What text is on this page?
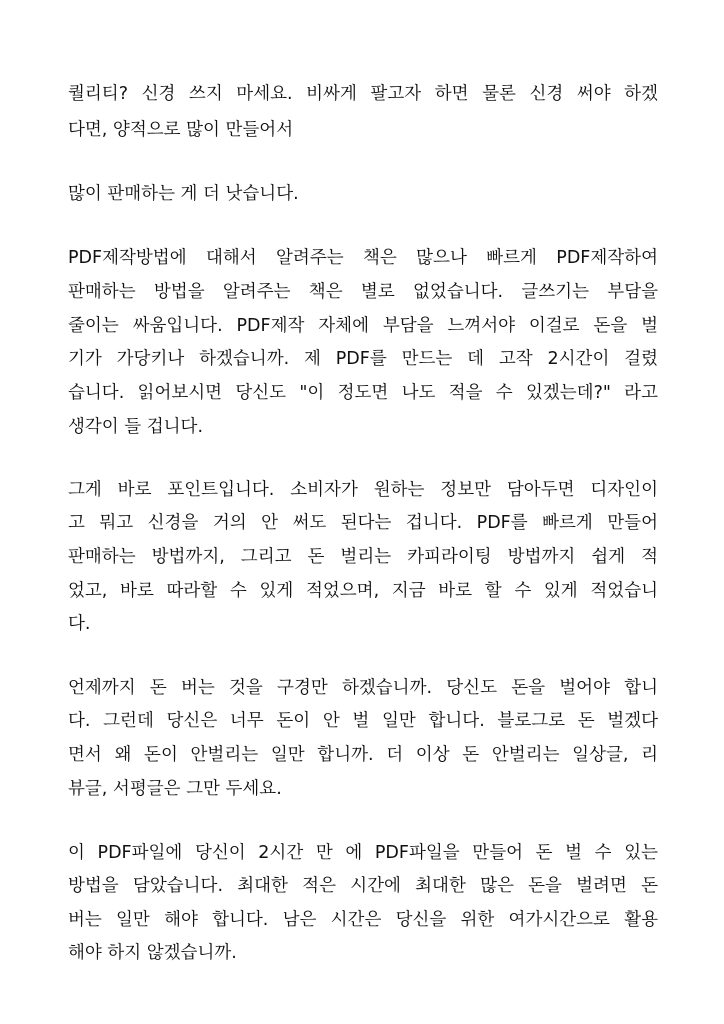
퀄리티? 신경 쓰지 마세요. 비싸게 팔고자 하면 물론 신경 써야 하겠
다면, 양적으로 많이 만들어서
많이 판매하는 게 더 낫습니다.
PDF제작방법에 대해서 알려주는 책은 많으나 빠르게 PDF제작하여
판매하는 방법을 알려주는 책은 별로 없었습니다. 글쓰기는 부담을
줄이는 싸움입니다. PDF제작 자체에 부담을 느껴서야 이걸로 돈을 벌
기가 가당키나 하겠습니까. 제 PDF를 만드는 데 고작 2시간이 걸렸
습니다. 읽어보시면 당신도 "이 정도면 나도 적을 수 있겠는데?" 라고
생각이 들 겁니다.
그게 바로 포인트입니다. 소비자가 원하는 정보만 담아두면 디자인이
고 뭐고 신경을 거의 안 써도 된다는 겁니다. PDF를 빠르게 만들어
판매하는 방법까지, 그리고 돈 벌리는 카피라이팅 방법까지 쉽게 적
었고, 바로 따라할 수 있게 적었으며, 지금 바로 할 수 있게 적었습니
다.
언제까지 돈 버는 것을 구경만 하겠습니까. 당신도 돈을 벌어야 합니
다. 그런데 당신은 너무 돈이 안 벌 일만 합니다. 블로그로 돈 벌겠다
면서 왜 돈이 안벌리는 일만 합니까. 더 이상 돈 안벌리는 일상글, 리
뷰글, 서평글은 그만 두세요.
이 PDF파일에 당신이 2시간 만 에 PDF파일을 만들어 돈 벌 수 있는
방법을 담았습니다. 최대한 적은 시간에 최대한 많은 돈을 벌려면 돈
버는 일만 해야 합니다. 남은 시간은 당신을 위한 여가시간으로 활용
해야 하지 않겠습니까.
